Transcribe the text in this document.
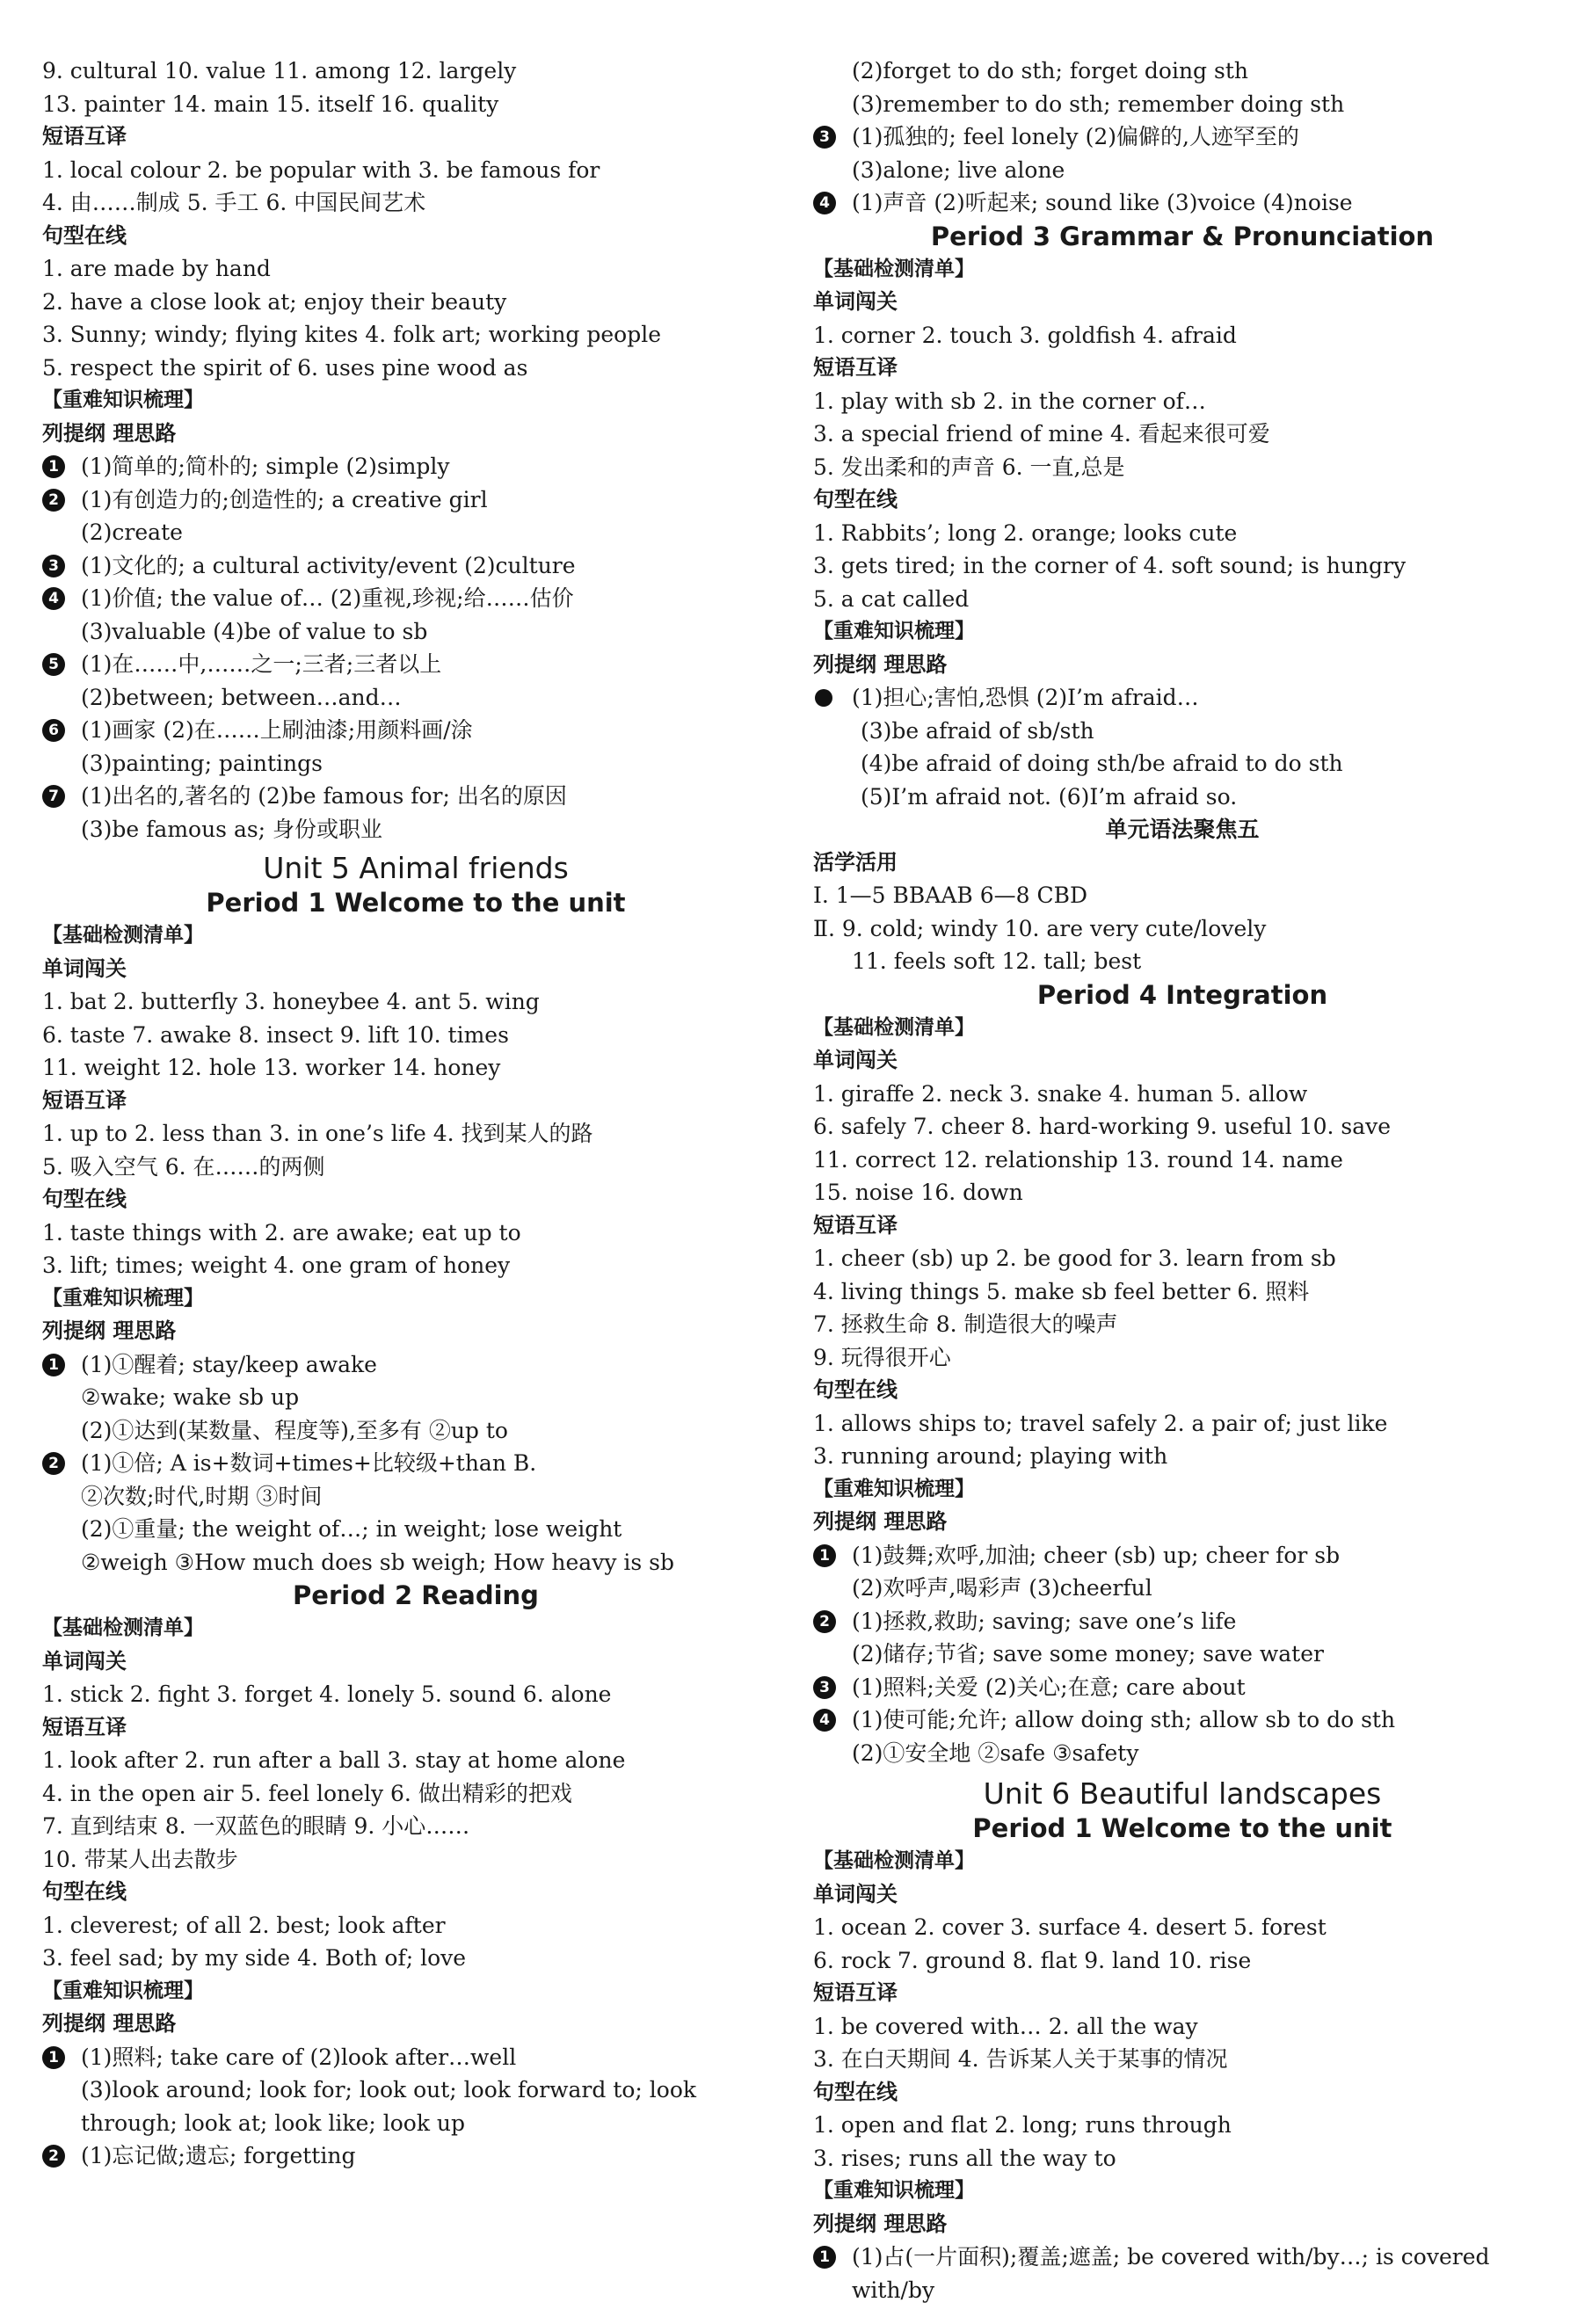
9. cultural 10. value 11. among 12. largely
13. painter 14. main 15. itself 16. quality
短语互译
1. local colour 2. be popular with 3. be famous for
4. 由……制成 5. 手工 6. 中国民间艺术
句型在线
1. are made by hand
2. have a close look at; enjoy their beauty
3. Sunny; windy; flying kites 4. folk art; working people
5. respect the spirit of 6. uses pine wood as
【重难知识梳理】
列提纲 理思路
1 (1)简单的;简朴的; simple (2)simply
2 (1)有创造力的;创造性的; a creative girl
(2)create
3 (1)文化的; a cultural activity/event (2)culture
4 (1)价值; the value of… (2)重视,珍视;给……估价
(3)valuable (4)be of value to sb
5 (1)在……中,……之一;三者;三者以上
(2)between; between…and…
6 (1)画家 (2)在……上刷油漆;用颜料画/涂
(3)painting; paintings
7 (1)出名的,著名的 (2)be famous for; 出名的原因
(3)be famous as; 身份或职业
Unit 5 Animal friends
Period 1 Welcome to the unit
【基础检测清单】
单词闯关
1. bat 2. butterfly 3. honeybee 4. ant 5. wing
6. taste 7. awake 8. insect 9. lift 10. times
11. weight 12. hole 13. worker 14. honey
短语互译
1. up to 2. less than 3. in one’s life 4. 找到某人的路
5. 吸入空气 6. 在……的两侧
句型在线
1. taste things with 2. are awake; eat up to
3. lift; times; weight 4. one gram of honey
【重难知识梳理】
列提纲 理思路
1 (1)①醒着; stay/keep awake
②wake; wake sb up
(2)①达到(某数量、程度等),至多有 ②up to
2 (1)①倍; A is+数词+times+比较级+than B.
②次数;时代,时期 ③时间
(2)①重量; the weight of…; in weight; lose weight
②weigh ③How much does sb weigh; How heavy is sb
Period 2 Reading
【基础检测清单】
单词闯关
1. stick 2. fight 3. forget 4. lonely 5. sound 6. alone
短语互译
1. look after 2. run after a ball 3. stay at home alone
4. in the open air 5. feel lonely 6. 做出精彩的把戏
7. 直到结束 8. 一双蓝色的眼睛 9. 小心……
10. 带某人出去散步
句型在线
1. cleverest; of all 2. best; look after
3. feel sad; by my side 4. Both of; love
【重难知识梳理】
列提纲 理思路
1 (1)照料; take care of (2)look after…well
(3)look around; look for; look out; look forward to; look
through; look at; look like; look up
2 (1)忘记做;遗忘; forgetting
(2)forget to do sth; forget doing sth
(3)remember to do sth; remember doing sth
3 (1)孤独的; feel lonely (2)偏僻的,人迹罕至的
(3)alone; live alone
4 (1)声音 (2)听起来; sound like (3)voice (4)noise
Period 3 Grammar & Pronunciation
【基础检测清单】
单词闯关
1. corner 2. touch 3. goldfish 4. afraid
短语互译
1. play with sb 2. in the corner of…
3. a special friend of mine 4. 看起来很可爱
5. 发出柔和的声音 6. 一直,总是
句型在线
1. Rabbits’; long 2. orange; looks cute
3. gets tired; in the corner of 4. soft sound; is hungry
5. a cat called
【重难知识梳理】
列提纲 理思路
(1)担心;害怕,恐惧 (2)I’m afraid…
(3)be afraid of sb/sth
(4)be afraid of doing sth/be afraid to do sth
(5)I’m afraid not. (6)I’m afraid so.
单元语法聚焦五
活学活用
Ⅰ. 1—5 BBAAB 6—8 CBD
Ⅱ. 9. cold; windy 10. are very cute/lovely
11. feels soft 12. tall; best
Period 4 Integration
【基础检测清单】
单词闯关
1. giraffe 2. neck 3. snake 4. human 5. allow
6. safely 7. cheer 8. hard-working 9. useful 10. save
11. correct 12. relationship 13. round 14. name
15. noise 16. down
短语互译
1. cheer (sb) up 2. be good for 3. learn from sb
4. living things 5. make sb feel better 6. 照料
7. 拯救生命 8. 制造很大的噪声
9. 玩得很开心
句型在线
1. allows ships to; travel safely 2. a pair of; just like
3. running around; playing with
【重难知识梳理】
列提纲 理思路
1 (1)鼓舞;欢呼,加油; cheer (sb) up; cheer for sb
(2)欢呼声,喝彩声 (3)cheerful
2 (1)拯救,救助; saving; save one’s life
(2)储存;节省; save some money; save water
3 (1)照料;关爱 (2)关心;在意; care about
4 (1)使可能;允许; allow doing sth; allow sb to do sth
(2)①安全地 ②safe ③safety
Unit 6 Beautiful landscapes
Period 1 Welcome to the unit
【基础检测清单】
单词闯关
1. ocean 2. cover 3. surface 4. desert 5. forest
6. rock 7. ground 8. flat 9. land 10. rise
短语互译
1. be covered with… 2. all the way
3. 在白天期间 4. 告诉某人关于某事的情况
句型在线
1. open and flat 2. long; runs through
3. rises; runs all the way to
【重难知识梳理】
列提纲 理思路
1 (1)占(一片面积);覆盖;遮盖; be covered with/by…; is covered
with/by
